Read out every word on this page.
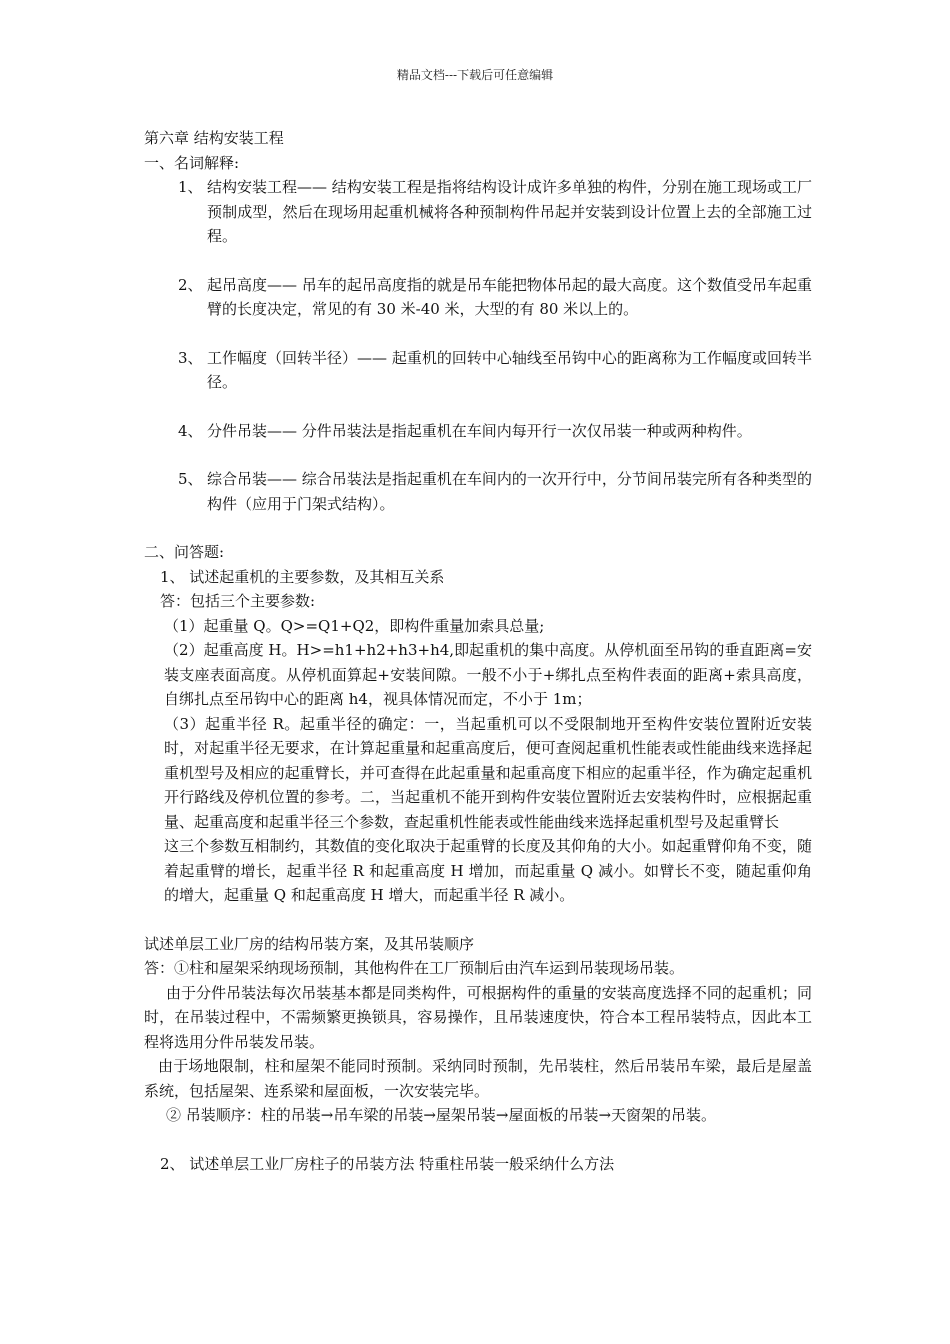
精品文档---下载后可任意编辑
第六章 结构安装工程
一、名词解释:
1、 结构安装工程—— 结构安装工程是指将结构设计成许多单独的构件，分别在施工现场或工厂预制成型，然后在现场用起重机械将各种预制构件吊起并安装到设计位置上去的全部施工过程。
2、 起吊高度—— 吊车的起吊高度指的就是吊车能把物体吊起的最大高度。这个数值受吊车起重臂的长度决定，常见的有 30 米-40 米，大型的有 80 米以上的。
3、 工作幅度（回转半径）—— 起重机的回转中心轴线至吊钩中心的距离称为工作幅度或回转半径。
4、 分件吊装—— 分件吊装法是指起重机在车间内每开行一次仅吊装一种或两种构件。
5、 综合吊装—— 综合吊装法是指起重机在车间内的一次开行中，分节间吊装完所有各种类型的构件（应用于门架式结构）。
二、问答题:
1、 试述起重机的主要参数，及其相互关系
答：包括三个主要参数:
（1）起重量 Q。Q>=Q1+Q2，即构件重量加索具总量;
（2）起重高度 H。H>=h1+h2+h3+h4,即起重机的集中高度。从停机面至吊钩的垂直距离=安装支座表面高度。从停机面算起+安装间隙。一般不小于+绑扎点至构件表面的距离+索具高度，自绑扎点至吊钩中心的距离 h4，视具体情况而定，不小于 1m；
（3）起重半径 R。起重半径的确定：一，当起重机可以不受限制地开至构件安装位置附近安装时，对起重半径无要求，在计算起重量和起重高度后，便可查阅起重机性能表或性能曲线来选择起重机型号及相应的起重臂长，并可查得在此起重量和起重高度下相应的起重半径，作为确定起重机开行路线及停机位置的参考。二，当起重机不能开到构件安装位置附近去安装构件时，应根据起重量、起重高度和起重半径三个参数，查起重机性能表或性能曲线来选择起重机型号及起重臂长
这三个参数互相制约，其数值的变化取决于起重臂的长度及其仰角的大小。如起重臂仰角不变，随着起重臂的增长，起重半径 R 和起重高度 H 增加，而起重量 Q 减小。如臂长不变，随起重仰角的增大，起重量 Q 和起重高度 H 增大，而起重半径 R 减小。
试述单层工业厂房的结构吊装方案，及其吊装顺序
答：①柱和屋架采纳现场预制，其他构件在工厂预制后由汽车运到吊装现场吊装。
由于分件吊装法每次吊装基本都是同类构件，可根据构件的重量的安装高度选择不同的起重机；同时，在吊装过程中，不需频繁更换锁具，容易操作，且吊装速度快，符合本工程吊装特点，因此本工程将选用分件吊装发吊装。
由于场地限制，柱和屋架不能同时预制。采纳同时预制，先吊装柱，然后吊装吊车梁，最后是屋盖系统，包括屋架、连系梁和屋面板，一次安装完毕。
② 吊装顺序：柱的吊装→吊车梁的吊装→屋架吊装→屋面板的吊装→天窗架的吊装。
2、 试述单层工业厂房柱子的吊装方法 特重柱吊装一般采纳什么方法
